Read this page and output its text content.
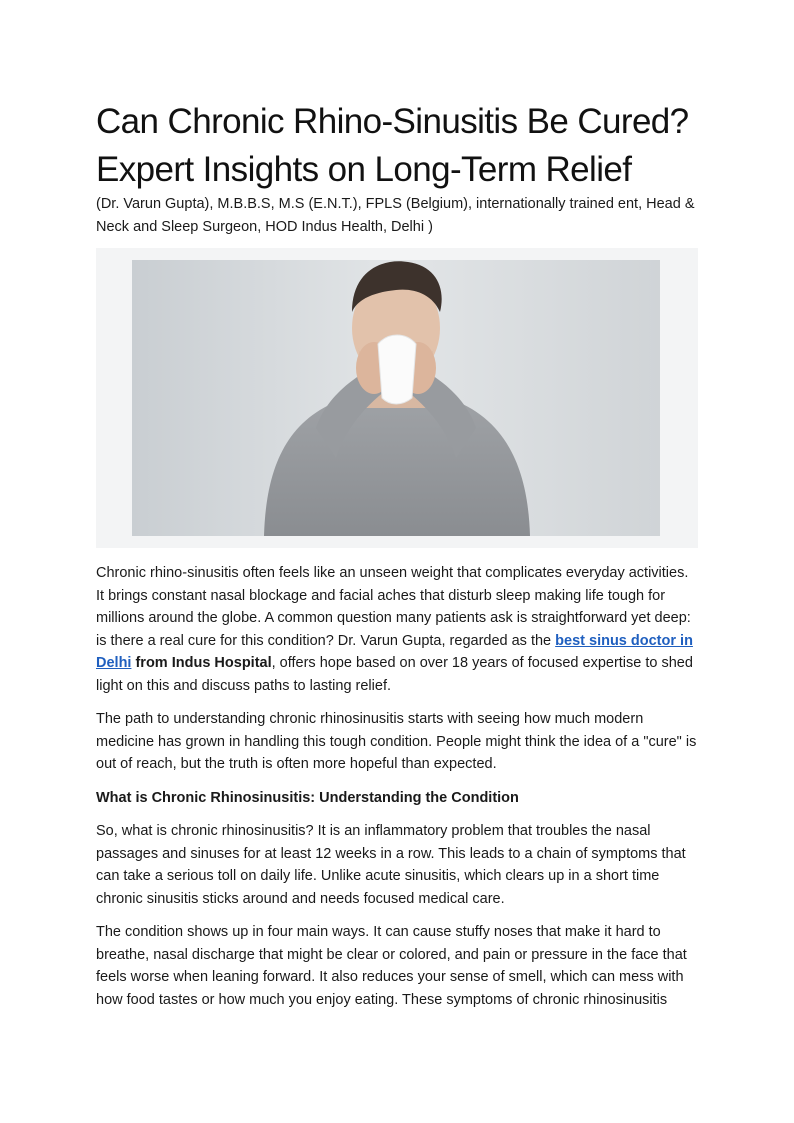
Can Chronic Rhino-Sinusitis Be Cured? Expert Insights on Long-Term Relief

(Dr. Varun Gupta), M.B.B.S, M.S (E.N.T.), FPLS (Belgium), internationally trained ent, Head & Neck and Sleep Surgeon, HOD Indus Health, Delhi )

Chronic rhino-sinusitis often feels like an unseen weight that complicates everyday activities. It brings constant nasal blockage and facial aches that disturb sleep making life tough for millions around the globe. A common question many patients ask is straightforward yet deep: is there a real cure for this condition? Dr. Varun Gupta, regarded as the best sinus doctor in Delhi from Indus Hospital, offers hope based on over 18 years of focused expertise to shed light on this and discuss paths to lasting relief.

The path to understanding chronic rhinosinusitis starts with seeing how much modern medicine has grown in handling this tough condition. People might think the idea of a "cure" is out of reach, but the truth is often more hopeful than expected.

What is Chronic Rhinosinusitis: Understanding the Condition

So, what is chronic rhinosinusitis? It is an inflammatory problem that troubles the nasal passages and sinuses for at least 12 weeks in a row. This leads to a chain of symptoms that can take a serious toll on daily life. Unlike acute sinusitis, which clears up in a short time chronic sinusitis sticks around and needs focused medical care.

The condition shows up in four main ways. It can cause stuffy noses that make it hard to breathe, nasal discharge that might be clear or colored, and pain or pressure in the face that feels worse when leaning forward. It also reduces your sense of smell, which can mess with how food tastes or how much you enjoy eating. These symptoms of chronic rhinosinusitis
